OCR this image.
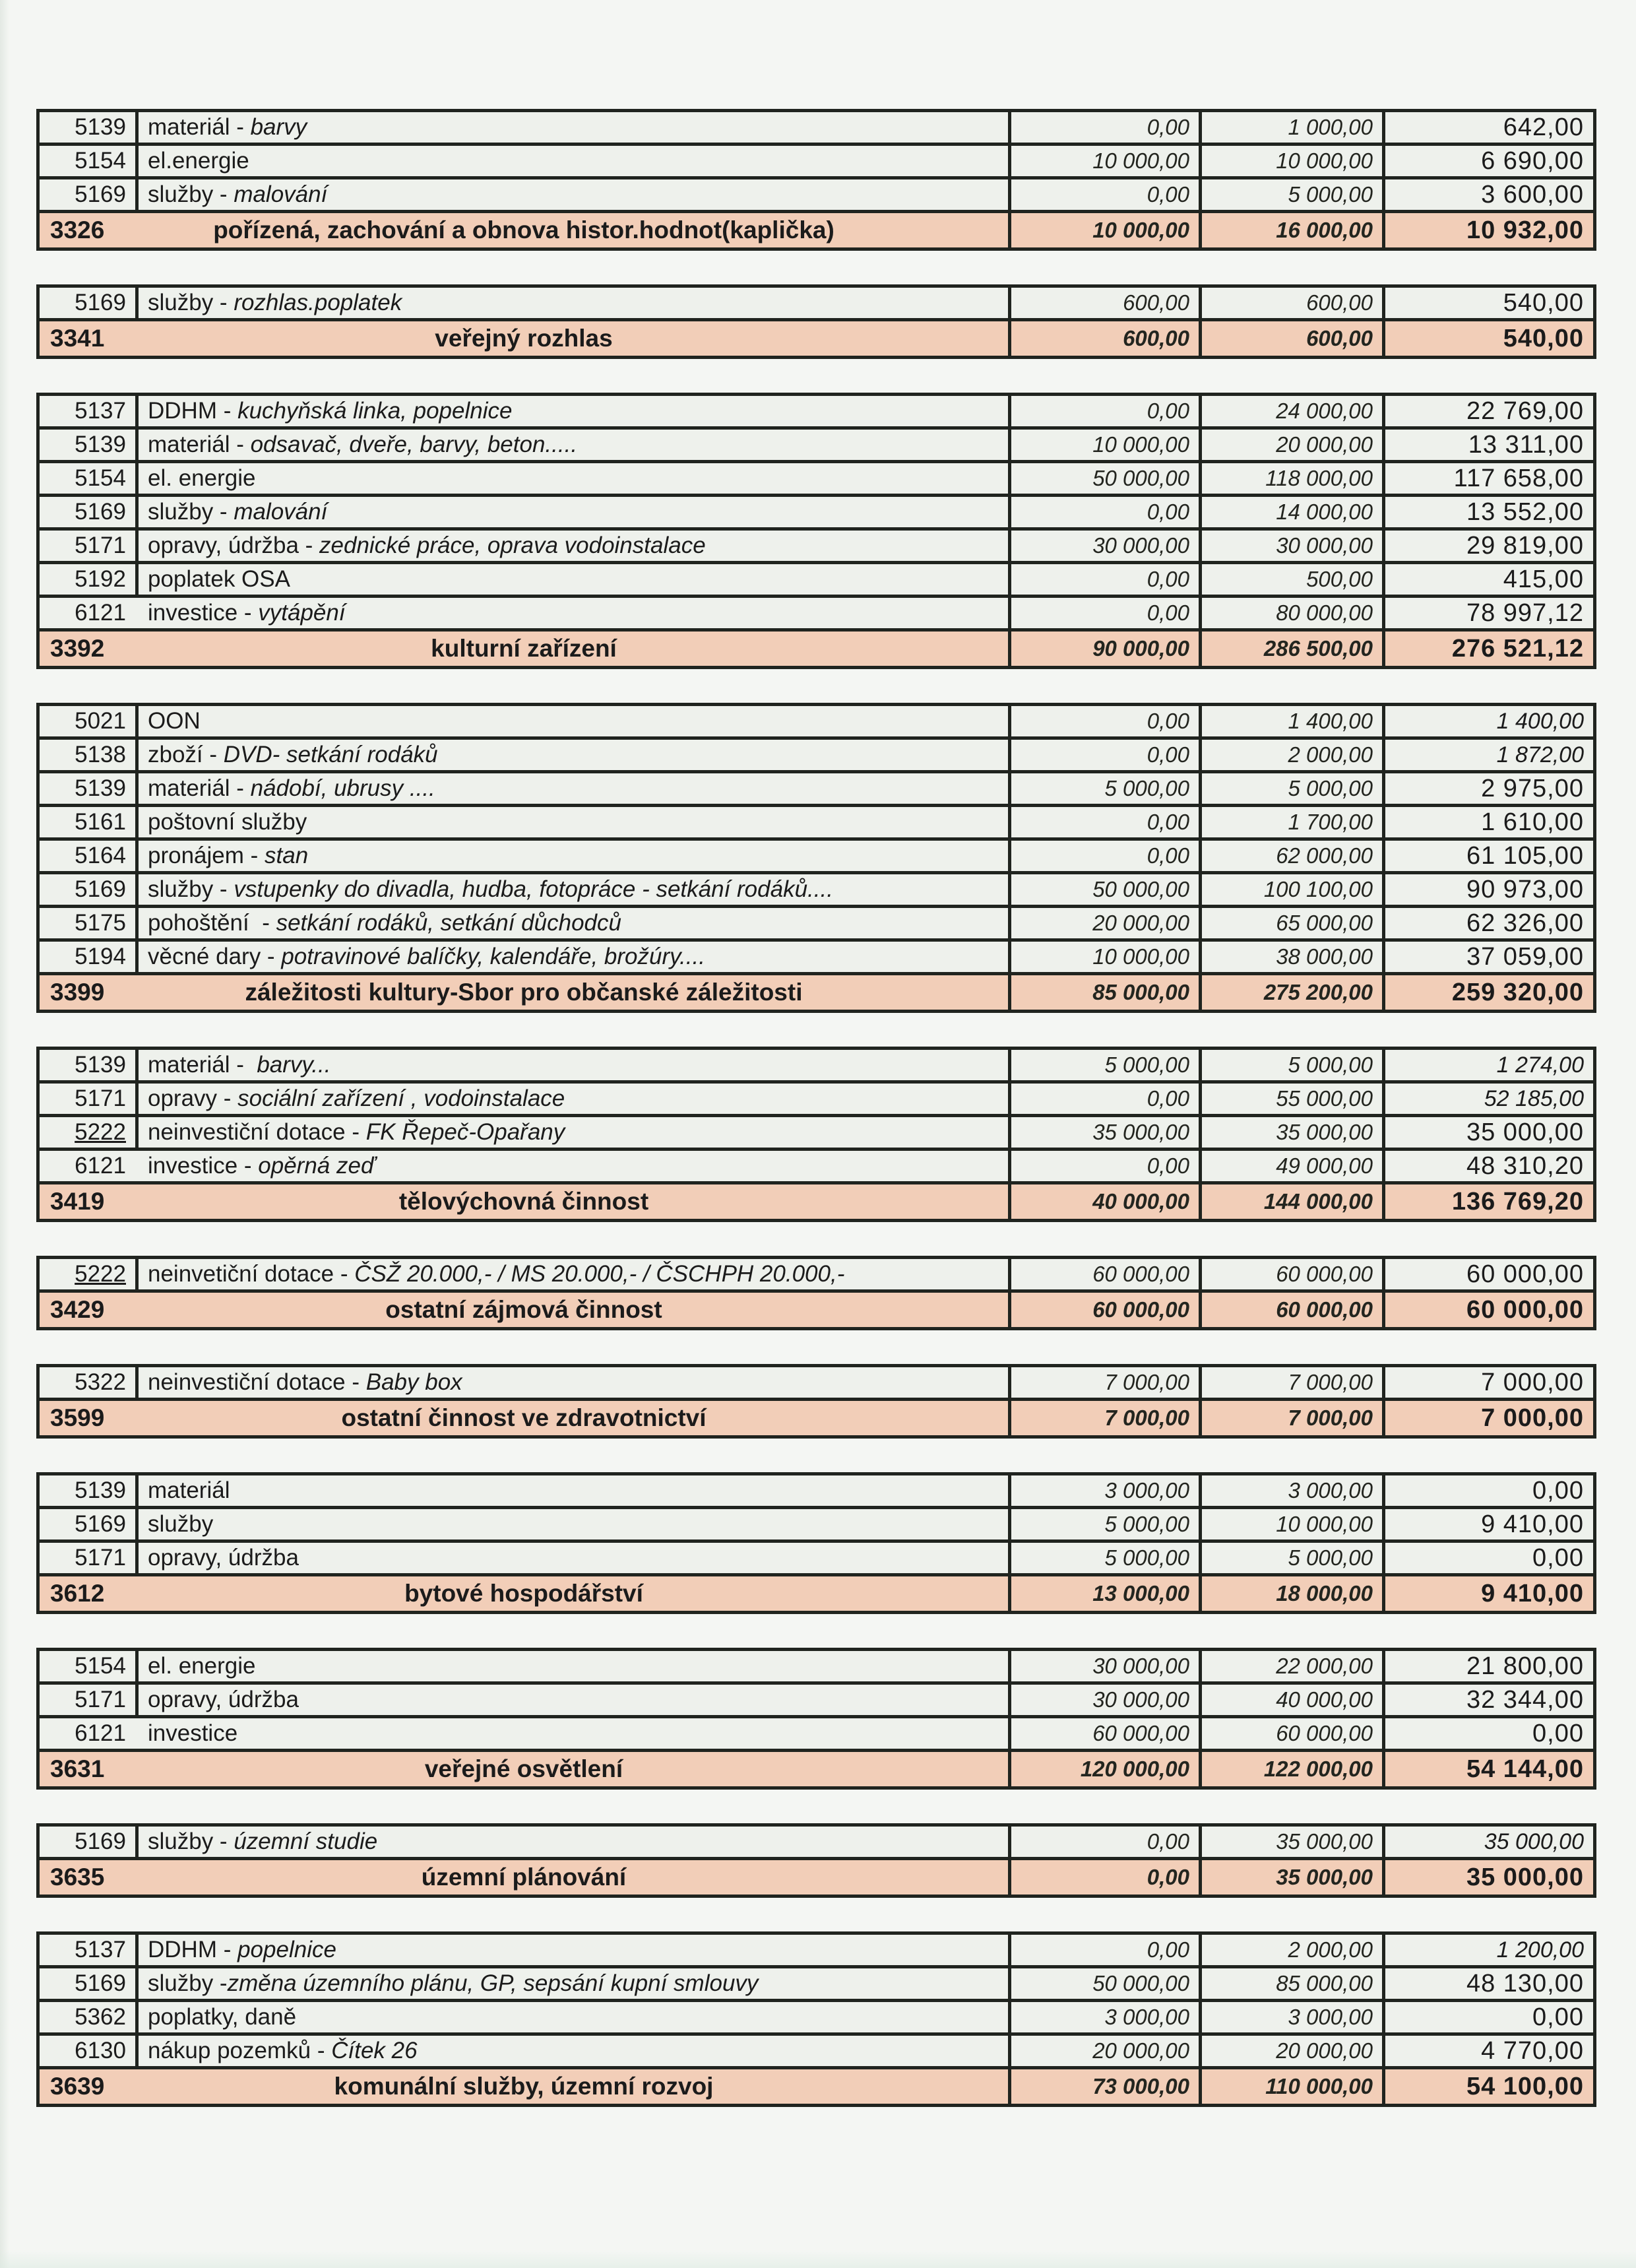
5139 materiál - barvy	0,00	1 000,00	642,00
5154 el.energie	10 000,00	10 000,00	6 690,00
5169 služby - malování	0,00	5 000,00	3 600,00
3326	pořízená, zachování a obnova histor.hodnot(kaplička)	10 000,00	16 000,00	10 932,00
5169 služby - rozhlas.poplatek	600,00	600,00	540,00
3341	veřejný rozhlas	600,00	600,00	540,00
5137 DDHM - kuchyňská linka, popelnice	0,00	24 000,00	22 769,00
5139 materiál - odsavač, dveře, barvy, beton.....	10 000,00	20 000,00	13 311,00
5154 el. energie	50 000,00	118 000,00	117 658,00
5169 služby - malování	0,00	14 000,00	13 552,00
5171 opravy, údržba - zednické práce, oprava vodoinstalace	30 000,00	30 000,00	29 819,00
5192 poplatek OSA	0,00	500,00	415,00
6121 investice - vytápění	0,00	80 000,00	78 997,12
3392	kulturní zařízení	90 000,00	286 500,00	276 521,12
5021 OON	0,00	1 400,00	1 400,00
5138 zboží - DVD- setkání rodáků	0,00	2 000,00	1 872,00
5139 materiál - nádobí, ubrusy ....	5 000,00	5 000,00	2 975,00
5161 poštovní služby	0,00	1 700,00	1 610,00
5164 pronájem - stan	0,00	62 000,00	61 105,00
5169 služby - vstupenky do divadla, hudba, fotopráce - setkání rodáků....	50 000,00	100 100,00	90 973,00
5175 pohoštění  - setkání rodáků, setkání důchodců	20 000,00	65 000,00	62 326,00
5194 věcné dary - potravinové balíčky, kalendáře, brožúry....	10 000,00	38 000,00	37 059,00
3399	záležitosti kultury-Sbor pro občanské záležitosti	85 000,00	275 200,00	259 320,00
5139 materiál - barvy...	5 000,00	5 000,00	1 274,00
5171 opravy - sociální zařízení , vodoinstalace	0,00	55 000,00	52 185,00
5222 neinvestiční dotace - FK Řepeč-Opařany	35 000,00	35 000,00	35 000,00
6121 investice - opěrná zeď	0,00	49 000,00	48 310,20
3419	tělovýchovná činnost	40 000,00	144 000,00	136 769,20
5222 neinvetiční dotace - ČSŽ 20.000,- / MS 20.000,- / ČSCHPH 20.000,-	60 000,00	60 000,00	60 000,00
3429	ostatní zájmová činnost	60 000,00	60 000,00	60 000,00
5322 neinvestiční dotace - Baby box	7 000,00	7 000,00	7 000,00
3599	ostatní činnost ve zdravotnictví	7 000,00	7 000,00	7 000,00
5139 materiál	3 000,00	3 000,00	0,00
5169 služby	5 000,00	10 000,00	9 410,00
5171 opravy, údržba	5 000,00	5 000,00	0,00
3612	bytové hospodářství	13 000,00	18 000,00	9 410,00
5154 el. energie	30 000,00	22 000,00	21 800,00
5171 opravy, údržba	30 000,00	40 000,00	32 344,00
6121 investice	60 000,00	60 000,00	0,00
3631	veřejné osvětlení	120 000,00	122 000,00	54 144,00
5169 služby - územní studie	0,00	35 000,00	35 000,00
3635	územní plánování	0,00	35 000,00	35 000,00
5137 DDHM - popelnice	0,00	2 000,00	1 200,00
5169 služby - změna územního plánu, GP, sepsání kupní smlouvy	50 000,00	85 000,00	48 130,00
5362 poplatky, daně	3 000,00	3 000,00	0,00
6130 nákup pozemků - Čítek 26	20 000,00	20 000,00	4 770,00
3639	komunální služby, územní rozvoj	73 000,00	110 000,00	54 100,00
